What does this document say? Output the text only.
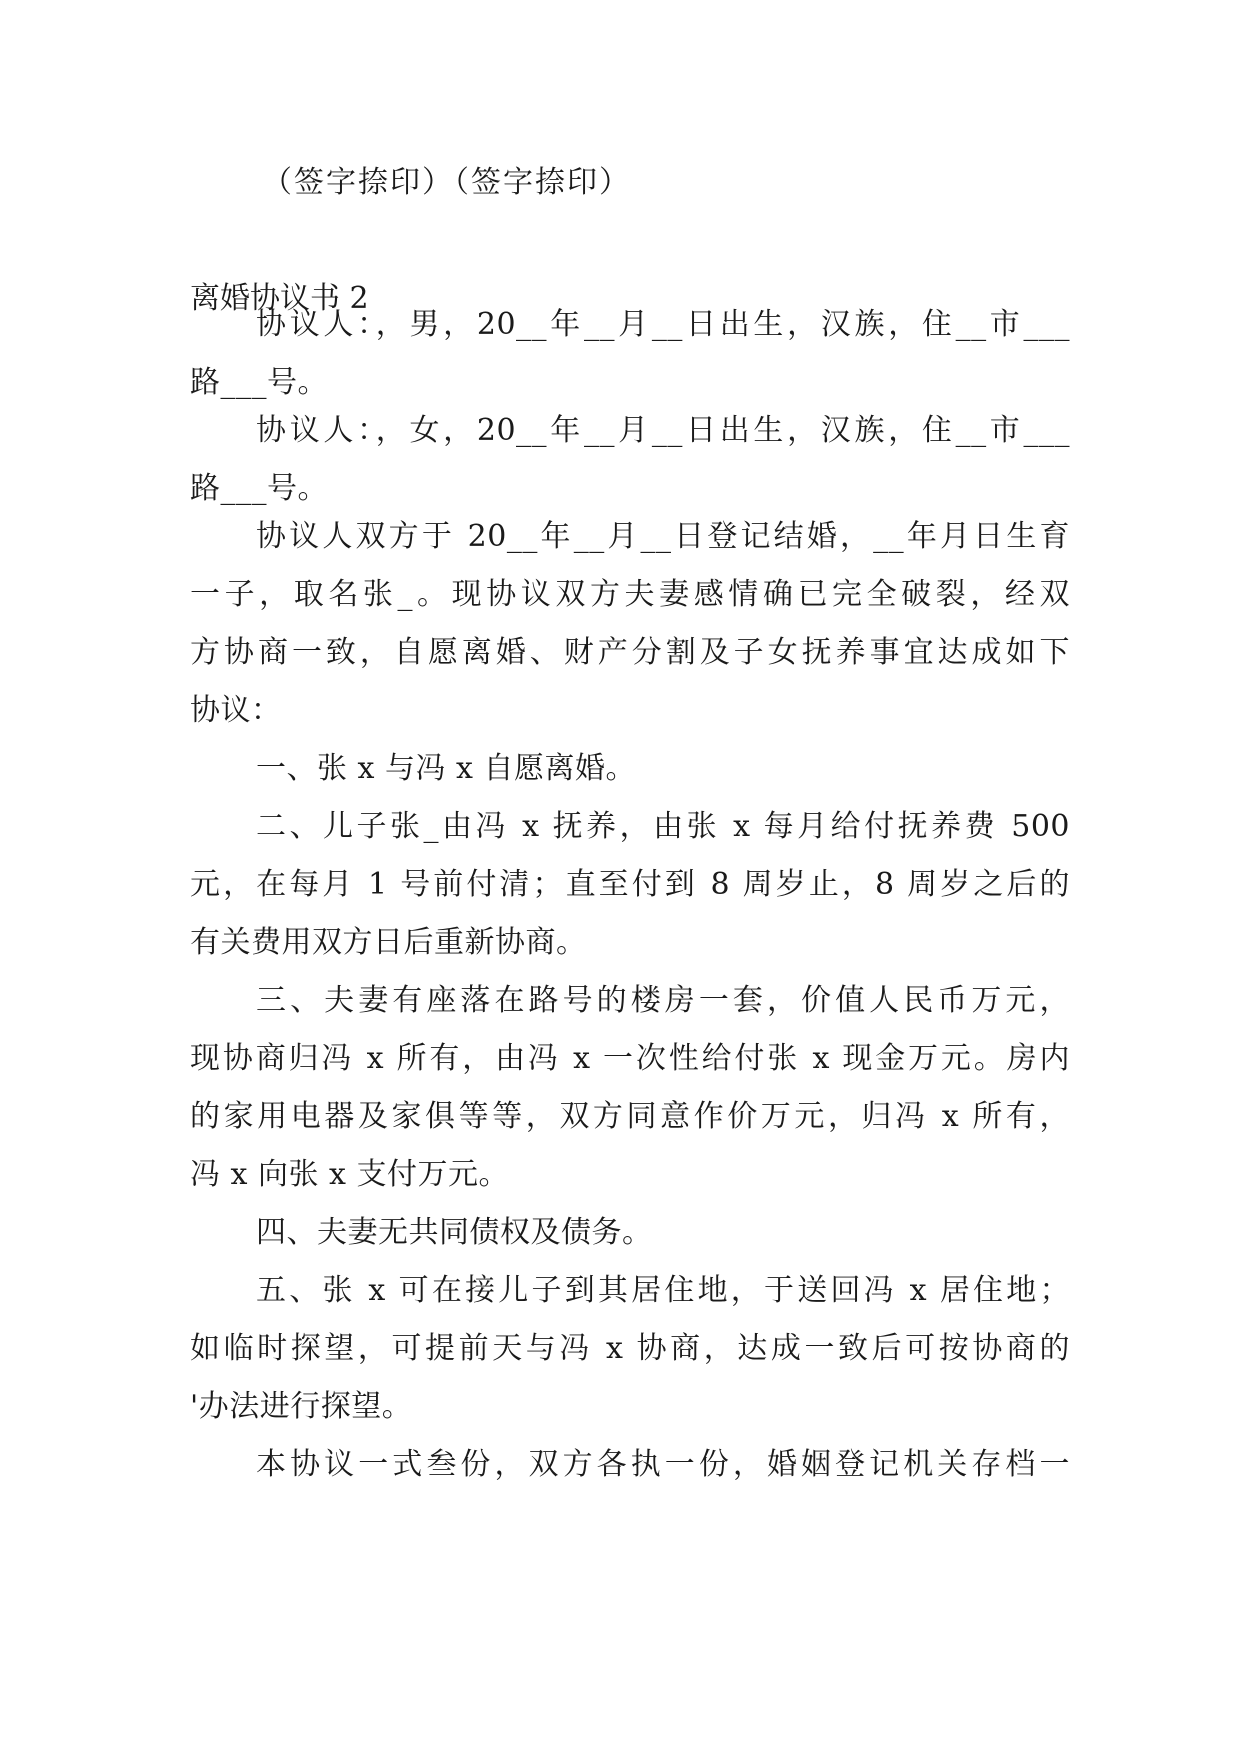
（签字捺印）（签字捺印）
离婚协议书 2
协议人：，男，20__年__月__日出生，汉族，住__市___
路___号。
协议人：，女，20__年__月__日出生，汉族，住__市___
路___号。
协议人双方于 20__年__月__日登记结婚，__年月日生育
一子，取名张_。现协议双方夫妻感情确已完全破裂，经双
方协商一致，自愿离婚、财产分割及子女抚养事宜达成如下
协议：
一、张 x 与冯 x 自愿离婚。
二、儿子张_由冯 x 抚养，由张 x 每月给付抚养费 500
元，在每月 1 号前付清；直至付到 8 周岁止，8 周岁之后的
有关费用双方日后重新协商。
三、夫妻有座落在路号的楼房一套，价值人民币万元，
现协商归冯 x 所有，由冯 x 一次性给付张 x 现金万元。房内
的家用电器及家俱等等，双方同意作价万元，归冯 x 所有，
冯 x 向张 x 支付万元。
四、夫妻无共同债权及债务。
五、张 x 可在接儿子到其居住地，于送回冯 x 居住地；
如临时探望，可提前天与冯 x 协商，达成一致后可按协商的
'办法进行探望。
本协议一式叁份，双方各执一份，婚姻登记机关存档一
